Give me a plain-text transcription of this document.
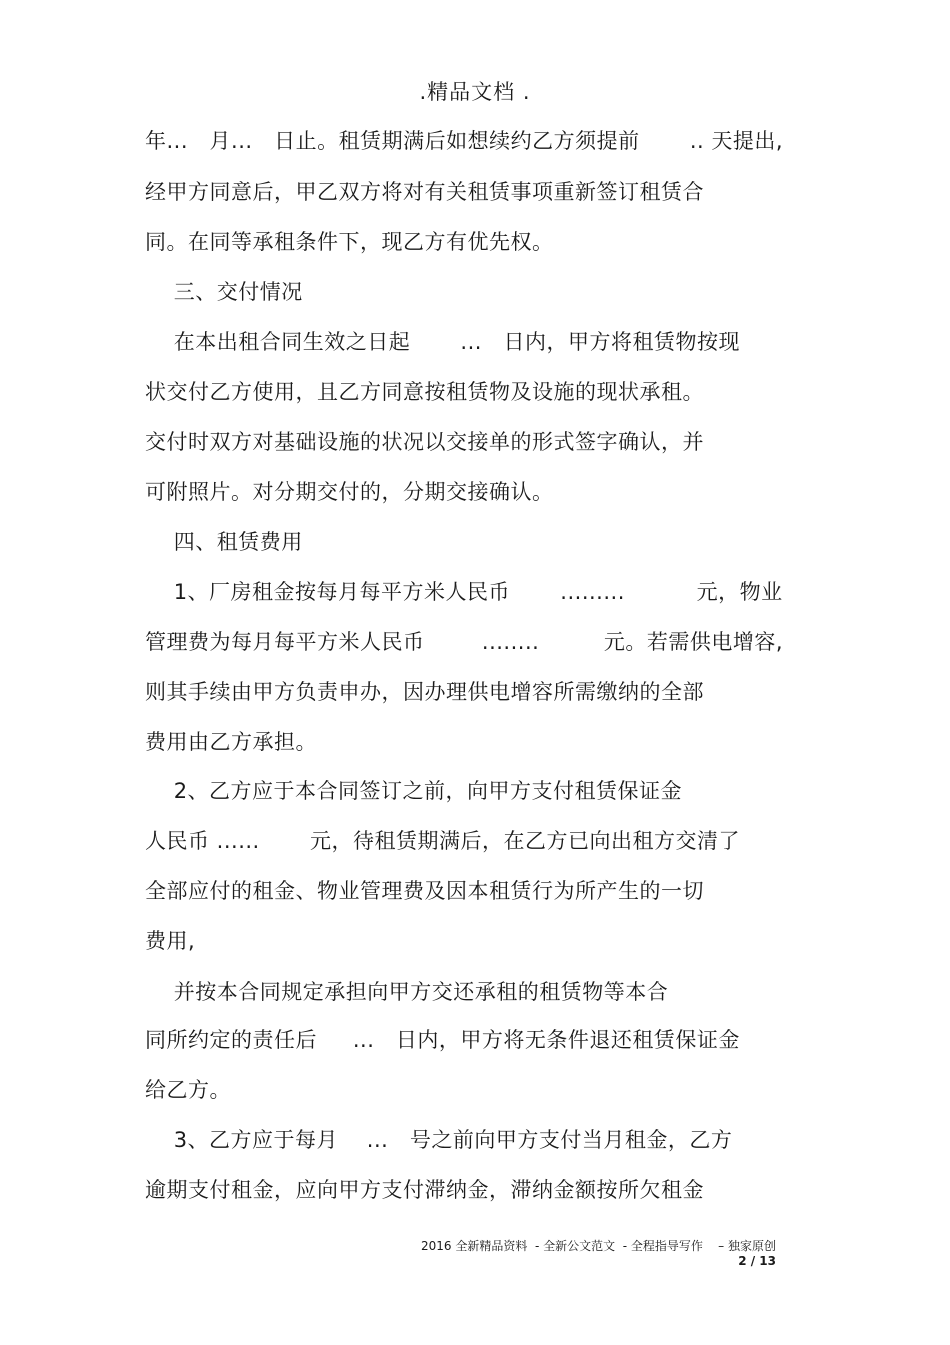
.精品文档 .
年...   月...   日止。租赁期满后如想续约乙方须提前       .. 天提出,
经甲方同意后，甲乙双方将对有关租赁事项重新签订租赁合
同。在同等承租条件下，现乙方有优先权。
三、交付情况
在本出租合同生效之日起       ...   日内，甲方将租赁物按现
状交付乙方使用，且乙方同意按租赁物及设施的现状承租。
交付时双方对基础设施的状况以交接单的形式签字确认，并
可附照片。对分期交付的，分期交接确认。
四、租赁费用
1、厂房租金按每月每平方米人民币       .........          元，物业
管理费为每月每平方米人民币        ........         元。若需供电增容,
则其手续由甲方负责申办，因办理供电增容所需缴纳的全部
费用由乙方承担。
2、乙方应于本合同签订之前，向甲方支付租赁保证金
人民币 ......       元，待租赁期满后，在乙方已向出租方交清了
全部应付的租金、物业管理费及因本租赁行为所产生的一切
费用,
并按本合同规定承担向甲方交还承租的租赁物等本合
同所约定的责任后     ...   日内，甲方将无条件退还租赁保证金
给乙方。
3、乙方应于每月    ...   号之前向甲方支付当月租金，乙方
逾期支付租金，应向甲方支付滞纳金，滞纳金额按所欠租金
2016 全新精品资料  - 全新公文范文  - 全程指导写作    – 独家原创
2 / 13
